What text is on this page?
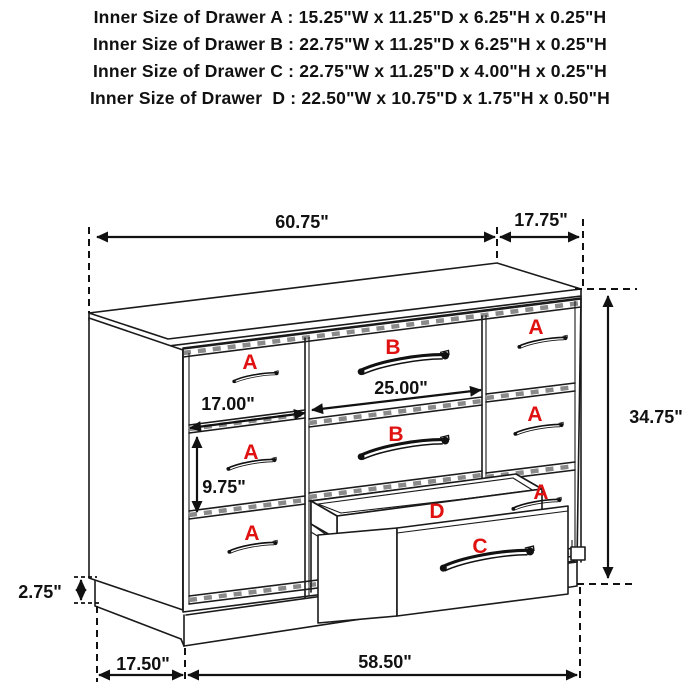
Inner Size of Drawer A : 15.25"W x 11.25"D x 6.25"H x 0.25"H
Inner Size of Drawer B : 22.75"W x 11.25"D x 6.25"H x 0.25"H
Inner Size of Drawer C : 22.75"W x 11.25"D x 4.00"H x 0.25"H
Inner Size of Drawer  D : 22.50"W x 10.75"D x 1.75"H x 0.50"H
60.75"	17.75"
34.75"
17.00"
25.00"
9.75"
2.75"
17.50"	58.50"
A
A
A
B
B
A
A
A
D
C
